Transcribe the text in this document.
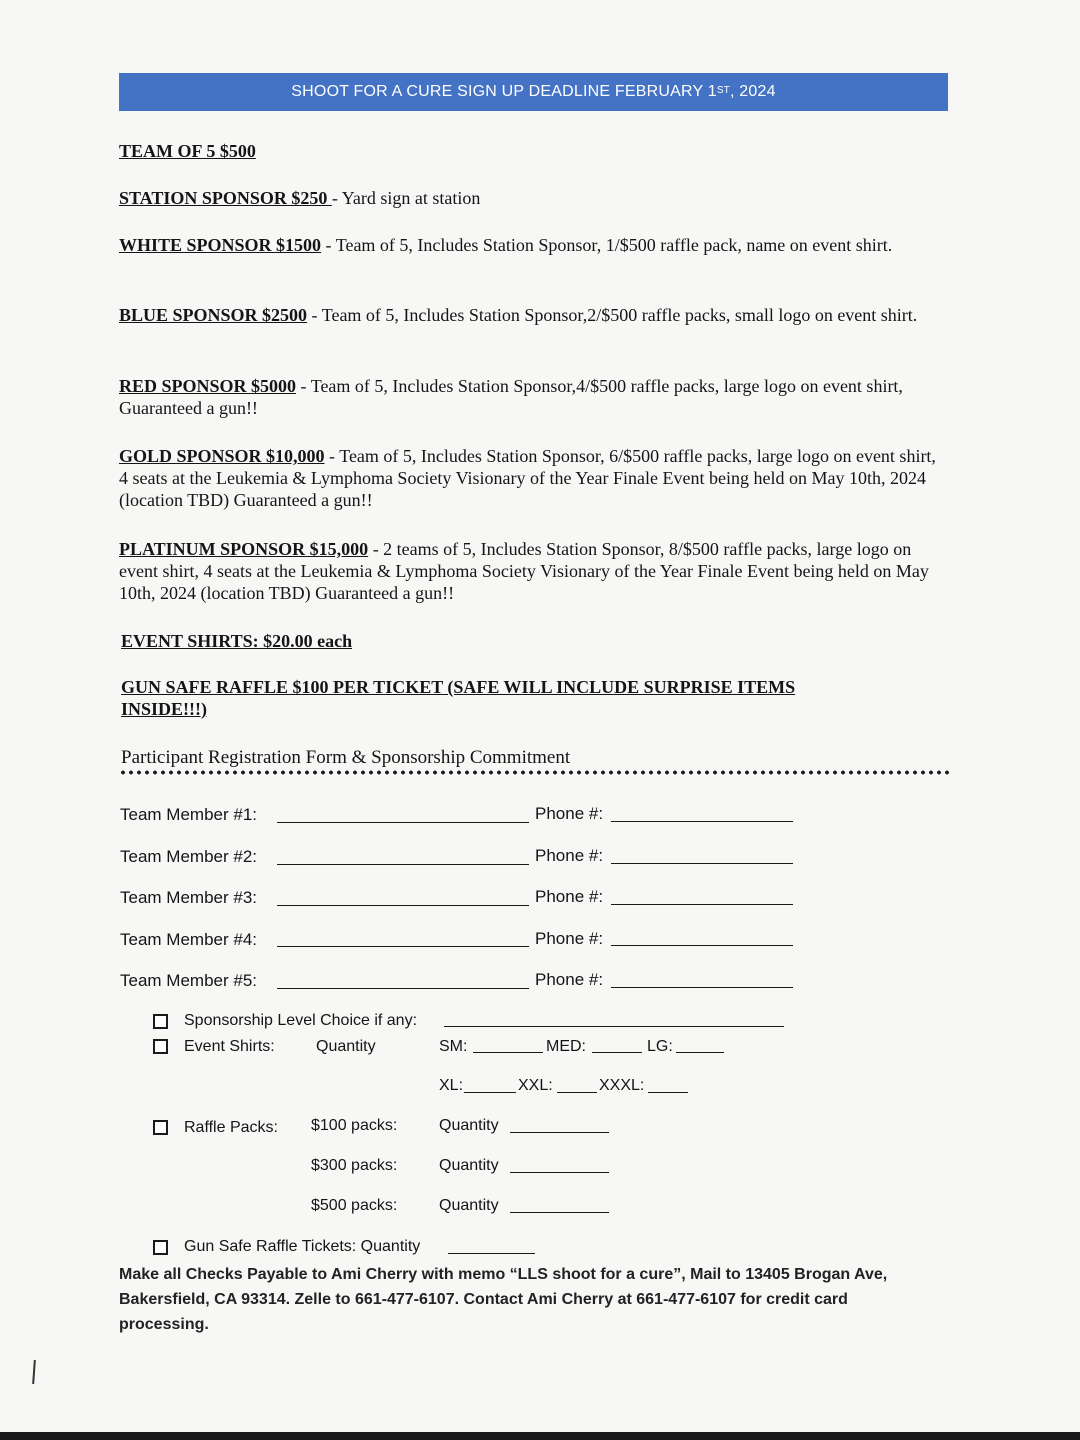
SHOOT FOR A CURE SIGN UP DEADLINE FEBRUARY 1ST , 2024
TEAM OF 5 $500
STATION SPONSOR $250 - Yard sign at station
WHITE SPONSOR $1500 - Team of 5, Includes Station Sponsor, 1/$500 raffle pack, name on event shirt.
BLUE SPONSOR $2500 - Team of 5, Includes Station Sponsor,2/$500 raffle packs, small logo on event shirt.
RED SPONSOR $5000 - Team of 5, Includes Station Sponsor,4/$500 raffle packs, large logo on event shirt, Guaranteed a gun!!
GOLD SPONSOR $10,000 - Team of 5, Includes Station Sponsor, 6/$500 raffle packs, large logo on event shirt, 4 seats at the Leukemia & Lymphoma Society Visionary of the Year Finale Event being held on May 10th, 2024 (location TBD) Guaranteed a gun!!
PLATINUM SPONSOR $15,000 - 2 teams of 5, Includes Station Sponsor, 8/$500 raffle packs, large logo on event shirt, 4 seats at the Leukemia & Lymphoma Society Visionary of the Year Finale Event being held on May 10th, 2024 (location TBD) Guaranteed a gun!!
EVENT SHIRTS: $20.00 each
GUN SAFE RAFFLE $100 PER TICKET (SAFE WILL INCLUDE SURPRISE ITEMS INSIDE!!!)
Participant Registration Form & Sponsorship Commitment
Team Member #1:	Phone #:
Team Member #2:	Phone #:
Team Member #3:	Phone #:
Team Member #4:	Phone #:
Team Member #5:	Phone #:
Sponsorship Level Choice if any:
Event Shirts:	Quantity	SM:	MED:	LG:
XL:	XXL:	XXXL:
Raffle Packs: $100 packs:	Quantity
$300 packs:	Quantity
$500 packs:	Quantity
Gun Safe Raffle Tickets: Quantity
Make all Checks Payable to Ami Cherry with memo “LLS shoot for a cure”, Mail to 13405 Brogan Ave, Bakersfield, CA 93314. Zelle to 661-477-6107. Contact Ami Cherry at 661-477-6107 for credit card processing.
